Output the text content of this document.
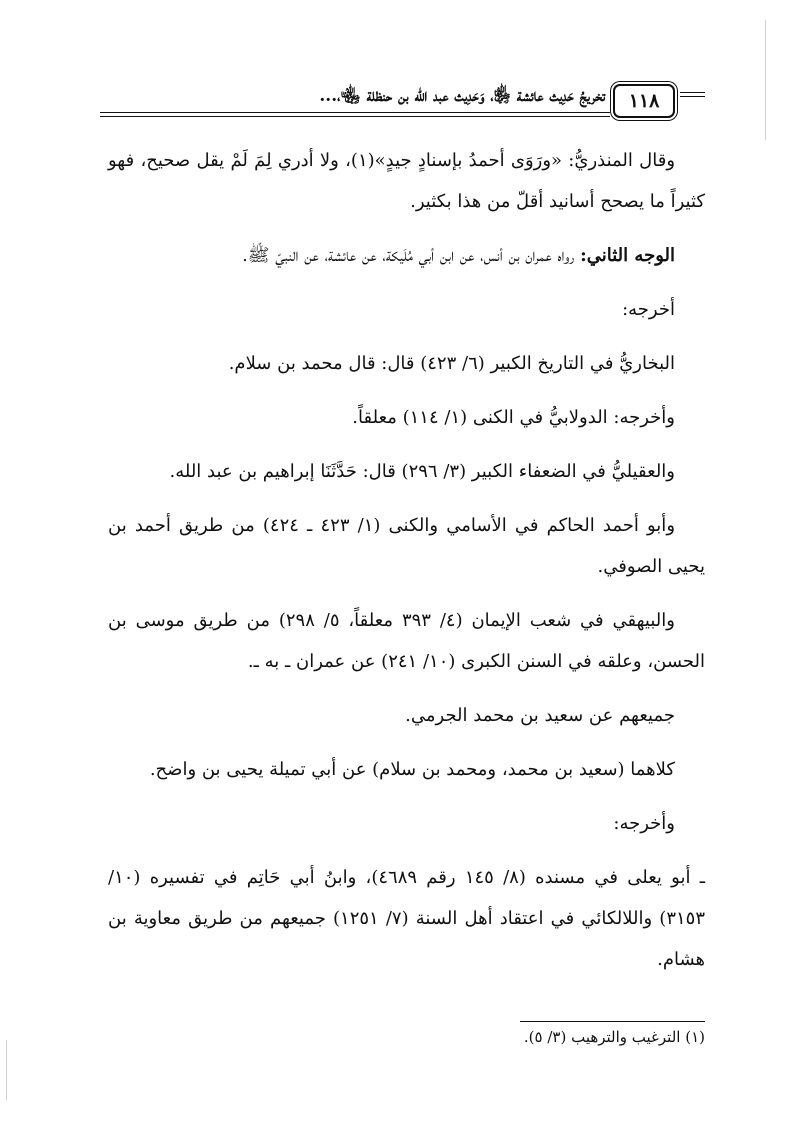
١١٨
تخريجُ حَدِيث عائشة ﵂، وَحَدِيث عبد الله بن حنظلة ﵄،...

وقال المنذريُّ: «ورَوَى أحمدُ بإسنادٍ جيدٍ»(١)، ولا أدري لِمَ لَمْ يقل صحيح، فهو كثيراً ما يصحح أسانيد أقلّ من هذا بكثير.

الوجه الثاني: رواه عمران بن أنس، عن ابن أبي مُلَيكة، عن عائشة، عن النبيّ ﷺ.

أخرجه:

البخاريُّ في التاريخ الكبير (٦/ ٤٢٣) قال: قال محمد بن سلام.

وأخرجه: الدولابيُّ في الكنى (١/ ١١٤) معلقاً.

والعقيليُّ في الضعفاء الكبير (٣/ ٢٩٦) قال: حَدَّثَنَا إبراهيم بن عبد الله.

وأبو أحمد الحاكم في الأسامي والكنى (١/ ٤٢٣ ـ ٤٢٤) من طريق أحمد بن يحيى الصوفي.

والبيهقي في شعب الإيمان (٤/ ٣٩٣ معلقاً، ٥/ ٢٩٨) من طريق موسى بن الحسن، وعلقه في السنن الكبرى (١٠/ ٢٤١) عن عمران ـ به ـ.

جميعهم عن سعيد بن محمد الجرمي.

كلاهما (سعيد بن محمد، ومحمد بن سلام) عن أبي تميلة يحيى بن واضح.

وأخرجه:

ـ أبو يعلى في مسنده (٨/ ١٤٥ رقم ٤٦٨٩)، وابنُ أبي حَاتِم في تفسيره (١٠/ ٣١٥٣) واللالكائي في اعتقاد أهل السنة (٧/ ١٢٥١) جميعهم من طريق معاوية بن هشام.

(١) الترغيب والترهيب (٣/ ٥).
